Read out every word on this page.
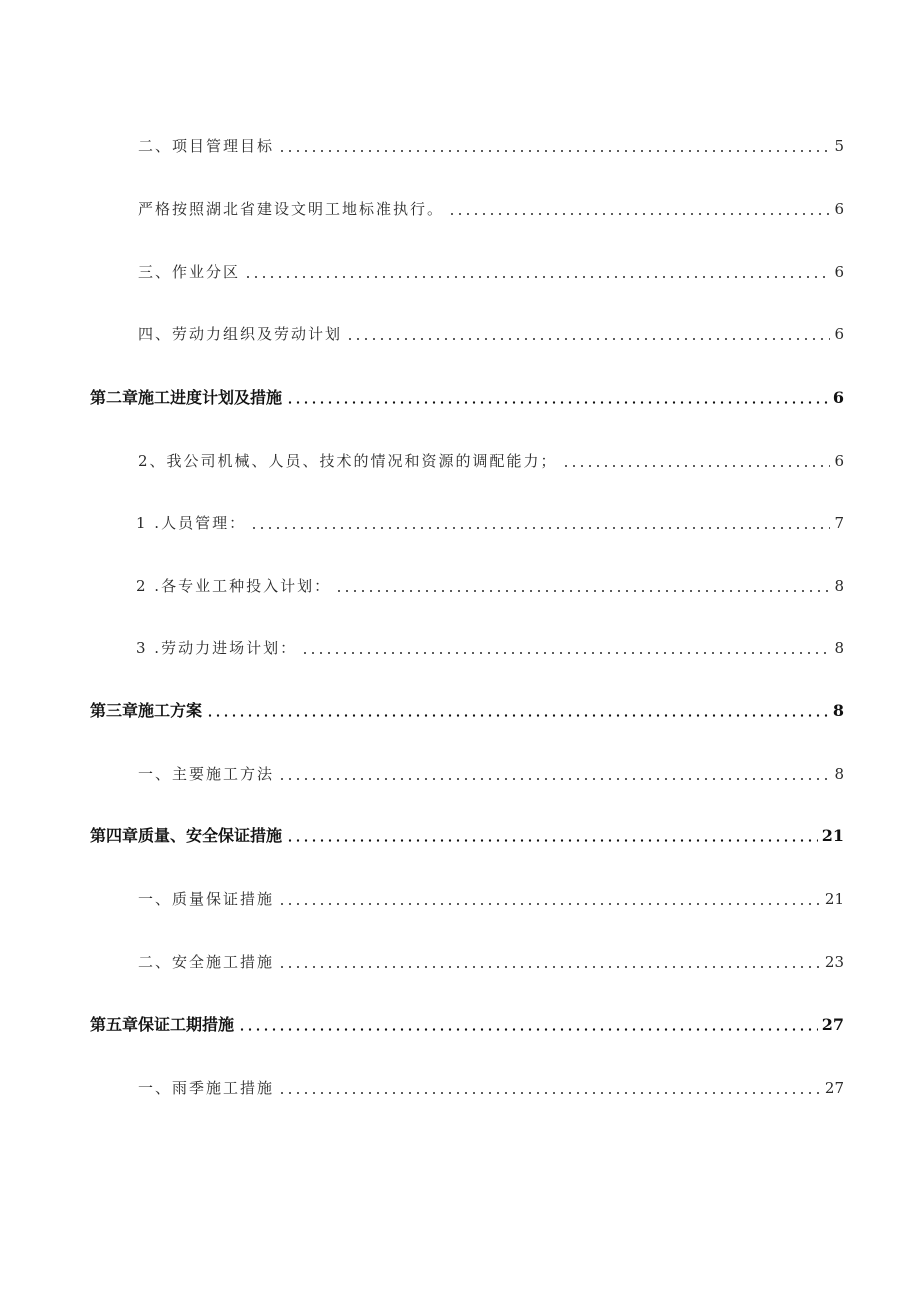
二、项目管理目标	5
严格按照湖北省建设文明工地标准执行。	6
三、作业分区	6
四、劳动力组织及劳动计划	6
第二章施工进度计划及措施	6
2、我公司机械、人员、技术的情况和资源的调配能力；	6
1 .人员管理：	7
2 .各专业工种投入计划：	8
3 .劳动力进场计划：	8
第三章施工方案	8
一、主要施工方法	8
第四章质量、安全保证措施	21
一、质量保证措施	21
二、安全施工措施	23
第五章保证工期措施	27
一、雨季施工措施	27
